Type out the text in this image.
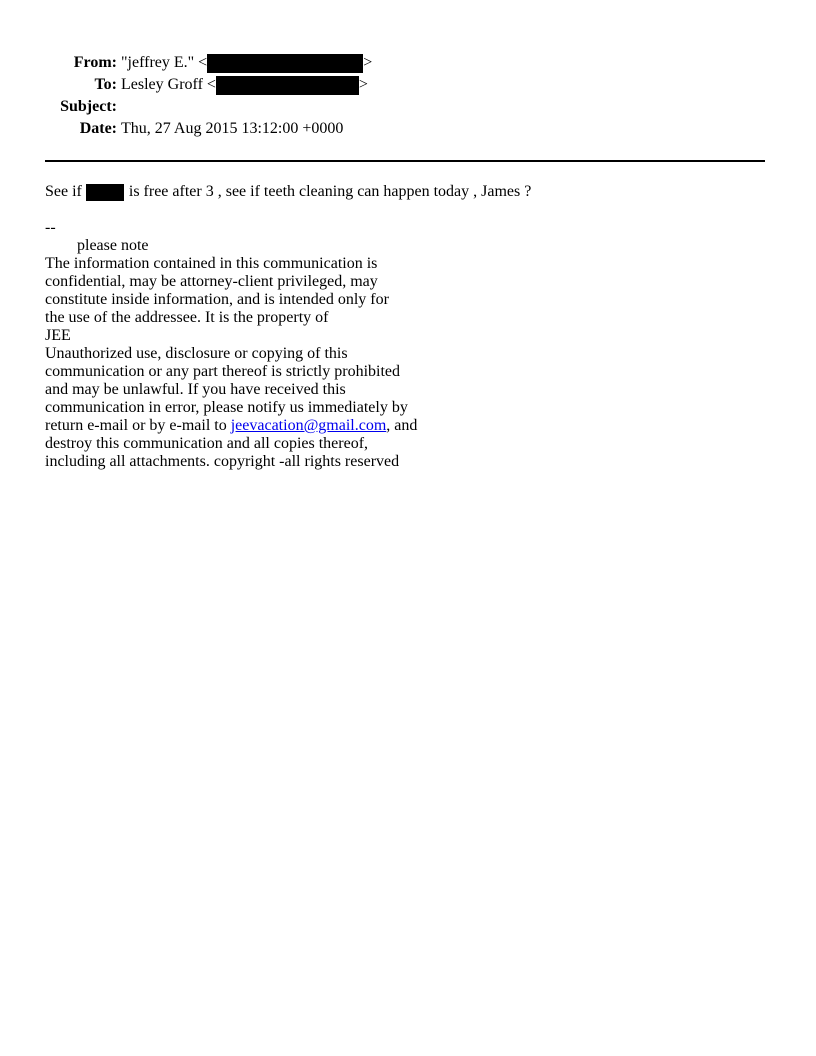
From: "jeffrey E." <	>
To: Lesley Groff <	>
Subject:
Date: Thu, 27 Aug 2015 13:12:00 +0000
See if	is free after 3 , see if teeth cleaning can happen today , James ?
--
please note
The information contained in this communication is
confidential, may be attorney-client privileged, may
constitute inside information, and is intended only for
the use of the addressee. It is the property of
JEE
Unauthorized use, disclosure or copying of this
communication or any part thereof is strictly prohibited
and may be unlawful. If you have received this
communication in error, please notify us immediately by
return e-mail or by e-mail to jeevacation@gmail.com, and
destroy this communication and all copies thereof,
including all attachments. copyright -all rights reserved
